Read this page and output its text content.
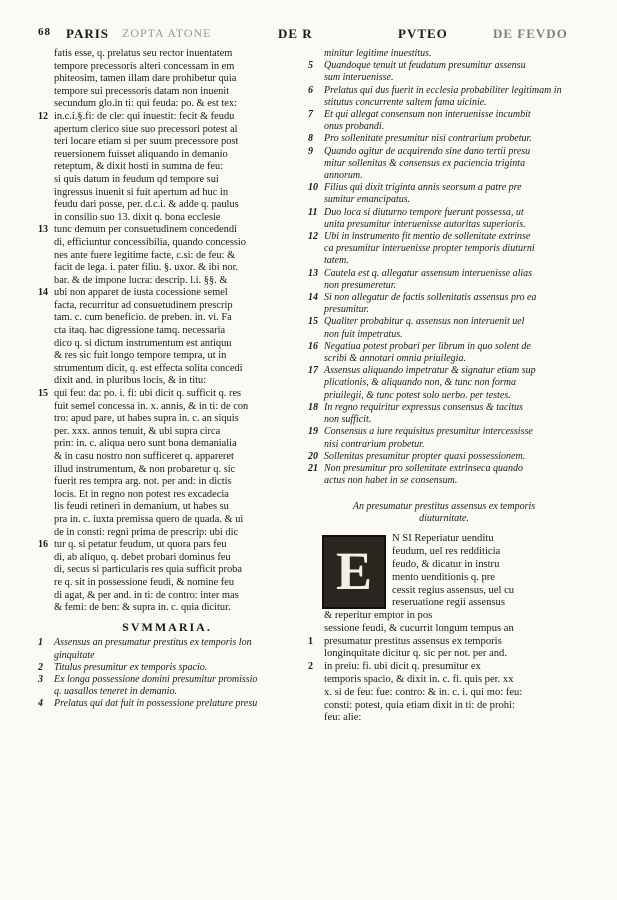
68 PARIS ZOPTA ATONE	DE R	PVTEO	DE FEVDO
fatis esse, q. prelatus seu rector inuentatem
tempore precessoris alteri concessam in em
phiteosim, tamen illam dare prohibetur quia
tempore sui precessoris datam non inuenit
secundum glo.in ti: qui feuda: po. & est tex:
12 in.c.i.§.fi: de cle: qui inuestit: fecit & feudu
apertum clerico siue suo precessori potest al
teri locare etiam si per suum precessore post
reuersionem fuisset aliquando in demanio
reteptum, & dixit hosti in summa de feu:
si quis datum in feudum qd tempore sui
ingressus inuenit si fuit apertum ad huc in
feudu dari posse, per. d.c.i. & adde q. paulus
in consilio suo 13. dixit q. bona ecclesie
13 tunc demum per consuetudinem concedendi
di, efficiuntur concessibilia, quando concessio
nes ante fuere legitime facte, c.si: de feu: &
facit de lega. i. pater filiu. §. uxor. & ibi nor.
bar. & de impone lucra: descrip. l.i. §§. &
14 ubi non apparet de iusta cocessione semel
facta, recurritur ad consuetudinem prescrip
tam. c. cum beneficio. de preben. in. vi. Fa
cta itaq. hac digressione tamq. necessaria
dico q. si dictum instrumentum est antiquu
& res sic fuit longo tempore tempra, ut in
strumentum dicit, q. est effecta solita concedi
dixit and. in pluribus locis, & in titu:
15 qui feu: da: po. i. fi: ubi dicit q. sufficit q. res
fuit semel concessa in. x. annis, & in ti: de con
tro: apud pare, ut habes supra in. c. an siquis
per. xxx. annos tenuit, & ubi supra circa
prin: in. c. aliqua uero sunt bona demanialia
& in casu nostro non sufficeret q. appareret
illud instrumentum, & non probaretur q. sic
fuerit res tempra arg. not. per and: in dictis
locis. Et in regno non potest res excadecia
lis feudi retineri in demanium, ut habes su
pra in. c. iuxta premissa quero de quada. & ui
de in consti: regni prima de prescrip: ubi dic
16 tur q. si petatur feudum, ut quora pars feu
di, ab aliquo, q. debet probari dominus feu
di, secus si particularis res quia sufficit proba
re q. sit in possessione feudi, & nomine feu
di agat, & per and. in ti: de contro: inter mas
& femi: de ben: & supra in. c. quia dicitur.
SVMMARIA.
1 Assensus an presumatur prestitus ex temporis lon
ginquitate
2 Titulus presumitur ex temporis spacio.
3 Ex longa possessione domini presumitur promissio
q. uasallos teneret in demanio.
4 Prelatus qui dat fuit in possessione prelature presu
minitur legitime inuestitus.
5 Quandoque tenuit ut feudatum presumitur assensu
sum interuenisse.
6 Prelatus qui dus fuerit in ecclesia probabiliter legitimam in
stitutus concurrente saltem fama uicinie.
7 Et qui allegat consensum non interuenisse incumbit
onus probandi.
8 Pro sollenitate presumitur nisi contrarium probetur.
9 Quando agitur de acquirendo sine dano tertii presu
mitur sollenitas & consensus ex paciencia triginta
annorum.
10 Filius qui dixit triginta annis seorsum a patre pre
sumitur emancipatus.
11 Duo loca si diuturno tempore fuerunt possessa, ut
unita presumitur interuenisse autoritas superioris.
12 Ubi in instrumento fit mentio de sollenitate extrinse
ca presumitur interuenisse propter temporis diuturni
tatem.
13 Cautela est q. allegatur assensum interuenisse alias
non presumeretur.
14 Si non allegatur de factis sollenitatis assensus pro ea
presumitur.
15 Qualiter probabitur q. assensus non interuenit uel
non fuit impetratus.
16 Negatiua potest probari per librum in quo solent de
scribi & annotari omnia priuilegia.
17 Assensus aliquando impetratur & signatur etiam sup
plicationis, & aliquando non, & tunc non forma
priuilegii, & tunc potest solo uerbo. per testes.
18 In regno requiritur expressus consensus & tacitus
non sufficit.
19 Consensus a iure requisitus presumitur intercessisse
nisi contrarium probetur.
20 Sollenitas presumitur propter quasi possessionem.
21 Non presumitur pro sollenitate extrinseca quando
actus non habet in se consensum.
An presumatur prestitus assensus ex temporis diuturnitate.
E
N SI Reperiatur uenditu
feudum, uel res redditicia
feudo, & dicatur in instru
mento uenditionis q. pre
cessit regius assensus, uel cu
reseruatione regii assensus
& reperitur emptor in pos
sessione feudi, & cucurrit longum tempus an
1 presumatur prestitus assensus ex temporis
longinquitate dicitur q. sic per not. per and.
2 in preiu: fi. ubi dicit q. presumitur ex
temporis spacio, & dixit in. c. fi. quis per. xx
x. si de feu: fue: contro: & in. c. i. qui mo: feu:
consti: potest, quia etiam dixit in ti: de prohi:
feu: alie:
